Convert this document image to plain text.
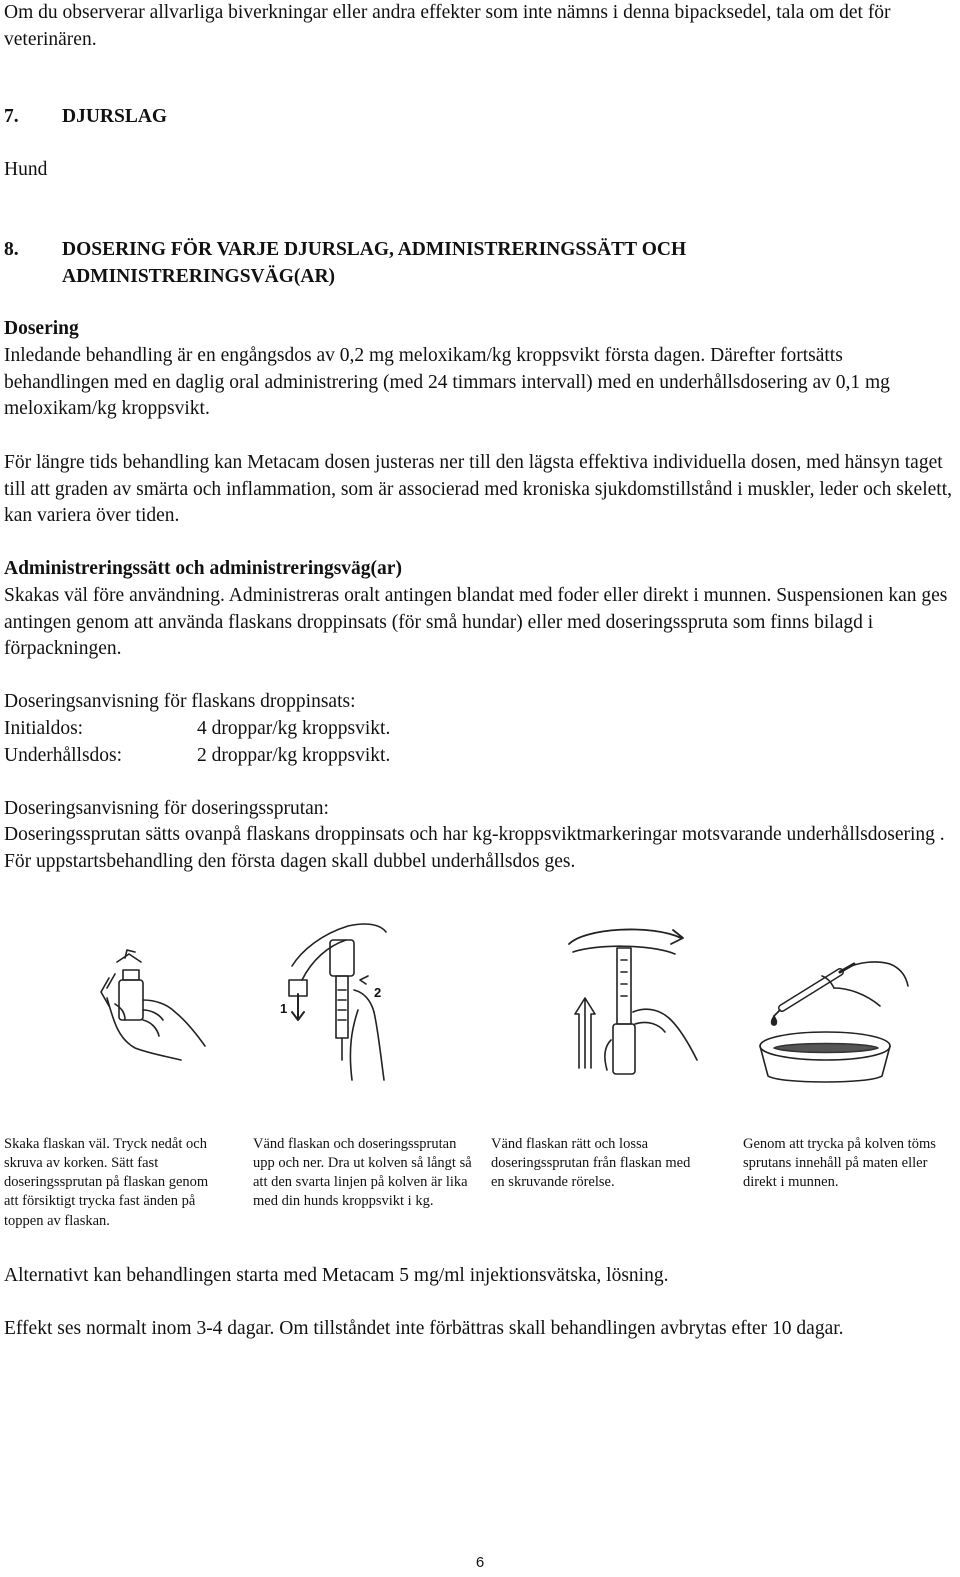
Om du observerar allvarliga biverkningar eller andra effekter som inte nämns i denna bipacksedel, tala om det för veterinären.

7. DJURSLAG

Hund

8. DOSERING FÖR VARJE DJURSLAG, ADMINISTRERINGSSÄTT OCH
ADMINISTRERINGSVÄG(AR)

Dosering

Inledande behandling är en engångsdos av 0,2 mg meloxikam/kg kroppsvikt första dagen. Därefter fortsätts behandlingen med en daglig oral administrering (med 24 timmars intervall) med en underhållsdosering av 0,1 mg meloxikam/kg kroppsvikt.

För längre tids behandling kan Metacam dosen justeras ner till den lägsta effektiva individuella dosen, med hänsyn taget till att graden av smärta och inflammation, som är associerad med kroniska sjukdomstillstånd i muskler, leder och skelett, kan variera över tiden.

Administreringssätt och administreringsväg(ar)

Skakas väl före användning. Administreras oralt antingen blandat med foder eller direkt i munnen. Suspensionen kan ges antingen genom att använda flaskans droppinsats (för små hundar) eller med doseringsspruta som finns bilagd i förpackningen.

Doseringsanvisning för flaskans droppinsats:

Initialdos:	4 droppar/kg kroppsvikt.
Underhållsdos:	2 droppar/kg kroppsvikt.

Doseringsanvisning för doseringssprutan:

Doseringssprutan sätts ovanpå flaskans droppinsats och har kg-kroppsviktmarkeringar motsvarande underhållsdosering . För uppstartsbehandling den första dagen skall dubbel underhållsdos ges.

1
2

Skaka flaskan väl. Tryck nedåt och skruva av korken. Sätt fast doseringssprutan på flaskan genom att försiktigt trycka fast änden på toppen av flaskan.

Vänd flaskan och doseringssprutan upp och ner. Dra ut kolven så långt så att den svarta linjen på kolven är lika med din hunds kroppsvikt i kg.

Vänd flaskan rätt och lossa doseringssprutan från flaskan med en skruvande rörelse.

Genom att trycka på kolven töms sprutans innehåll på maten eller direkt i munnen.

Alternativt kan behandlingen starta med Metacam 5 mg/ml injektionsvätska, lösning.

Effekt ses normalt inom 3-4 dagar. Om tillståndet inte förbättras skall behandlingen avbrytas efter 10 dagar.

6
